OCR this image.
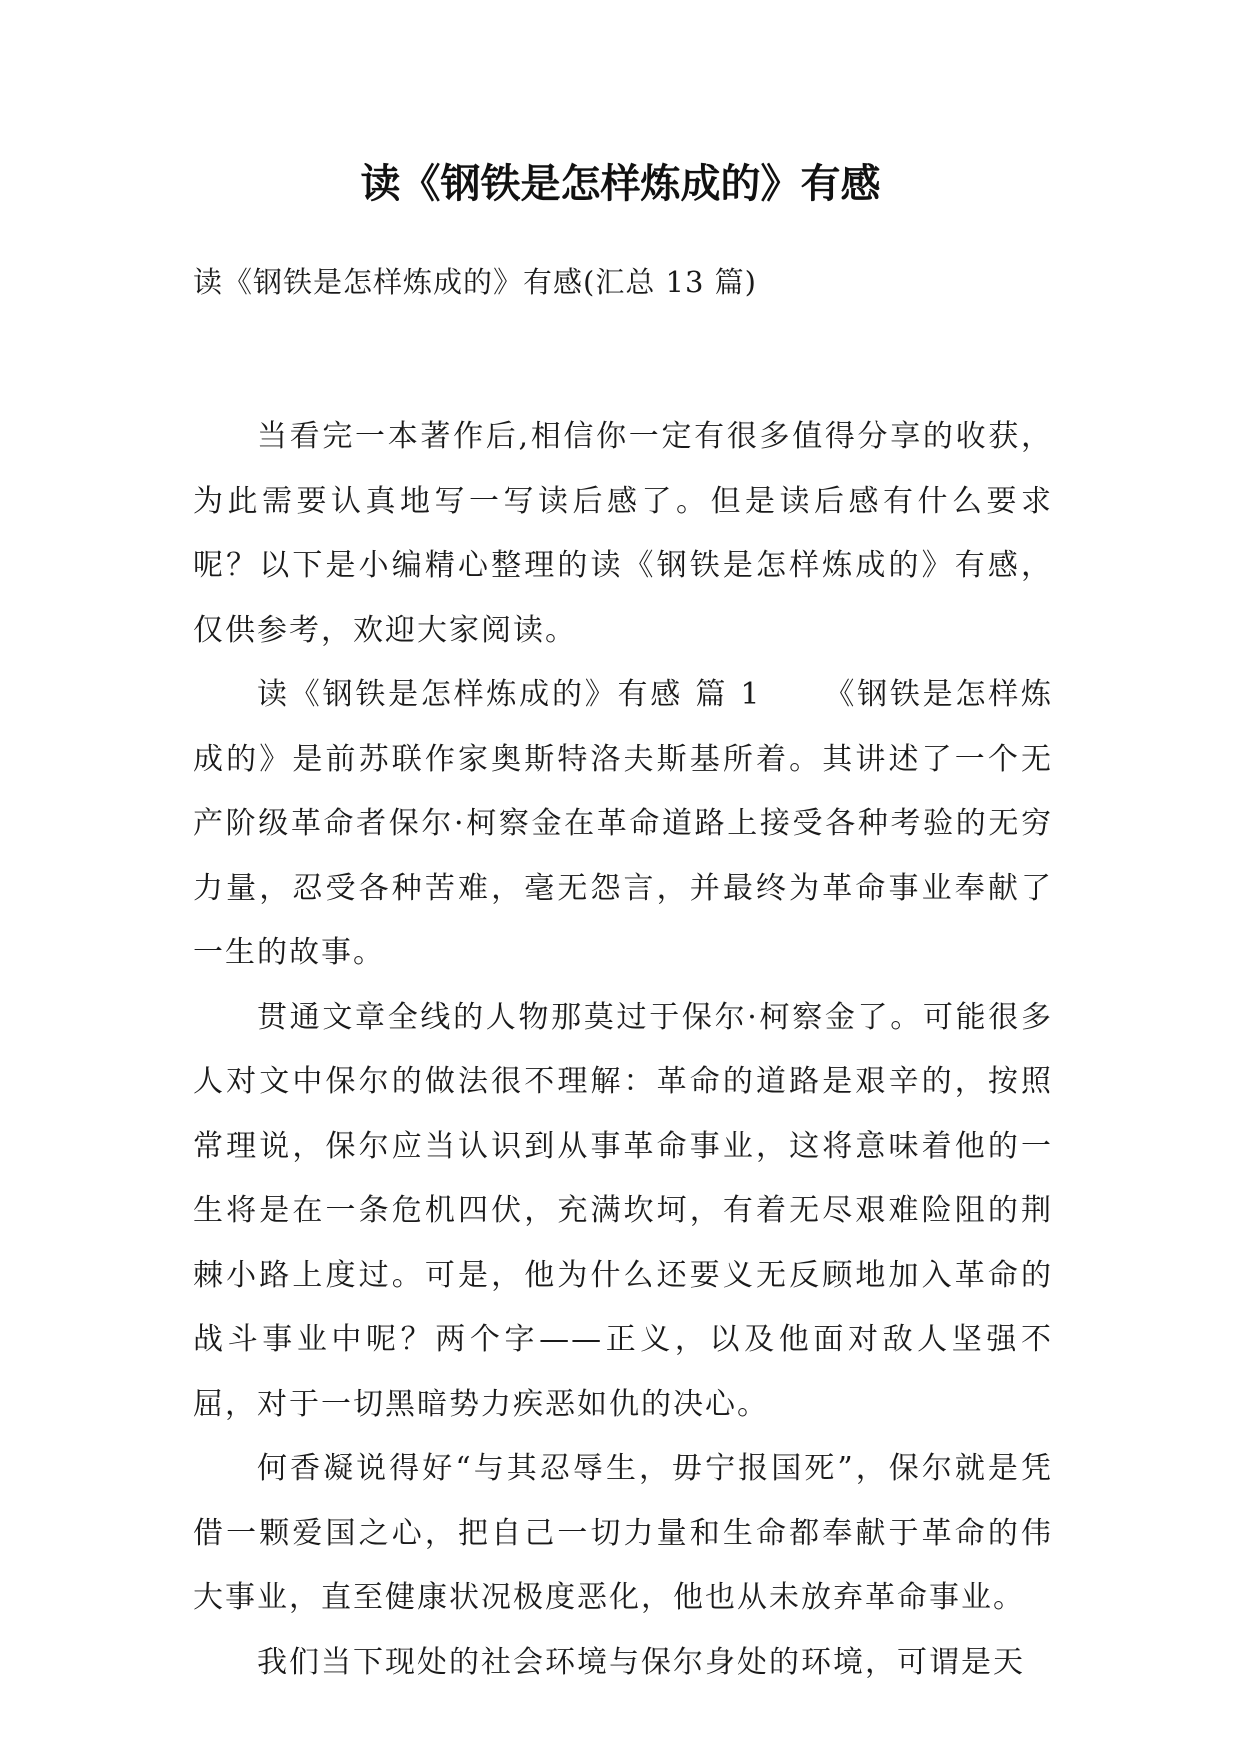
读《钢铁是怎样炼成的》有感

读《钢铁是怎样炼成的》有感(汇总 13 篇)

当看完一本著作后,相信你一定有很多值得分享的收获，为此需要认真地写一写读后感了。但是读后感有什么要求呢？以下是小编精心整理的读《钢铁是怎样炼成的》有感，仅供参考，欢迎大家阅读。

读《钢铁是怎样炼成的》有感 篇 1 　　《钢铁是怎样炼成的》是前苏联作家奥斯特洛夫斯基所着。其讲述了一个无产阶级革命者保尔·柯察金在革命道路上接受各种考验的无穷力量，忍受各种苦难，毫无怨言，并最终为革命事业奉献了一生的故事。

贯通文章全线的人物那莫过于保尔·柯察金了。可能很多人对文中保尔的做法很不理解：革命的道路是艰辛的，按照常理说，保尔应当认识到从事革命事业，这将意味着他的一生将是在一条危机四伏，充满坎坷，有着无尽艰难险阻的荆棘小路上度过。可是，他为什么还要义无反顾地加入革命的战斗事业中呢？两个字——正义，以及他面对敌人坚强不屈，对于一切黑暗势力疾恶如仇的决心。

何香凝说得好“与其忍辱生，毋宁报国死”，保尔就是凭借一颗爱国之心，把自己一切力量和生命都奉献于革命的伟大事业，直至健康状况极度恶化，他也从未放弃革命事业。

我们当下现处的社会环境与保尔身处的环境，可谓是天
